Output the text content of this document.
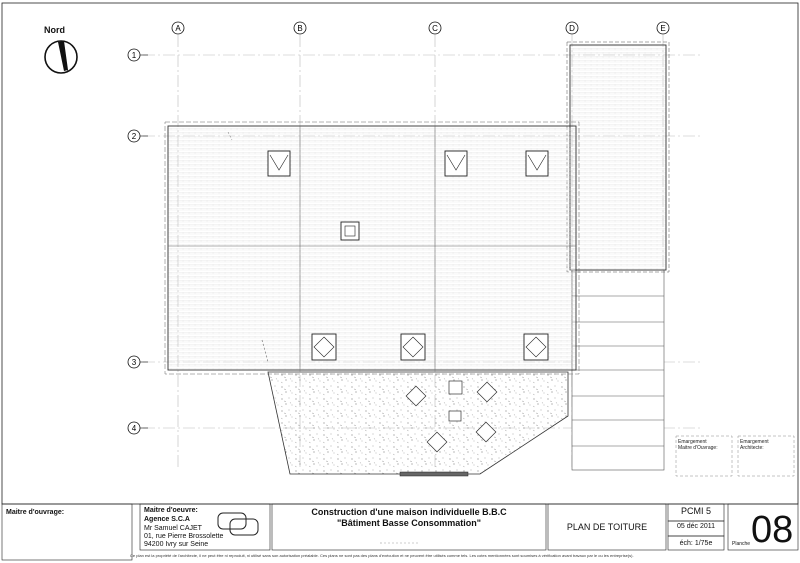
A	B	C	D	E
1
2
3
4
Nord
Emargement
Maitre d'Ouvrage:
Emargement
Architecte:
Maitre d'ouvrage:	Maitre d'oeuvre:
Agence S.C.A
Mr Samuel CAJET
01, rue Pierre Brossolette
94200 Ivry sur Seine
Construction d'une maison individuelle B.B.C
"Bâtiment Basse Consommation"	PLAN DE TOITURE
PCMI 5
05 déc 2011
éch: 1/75e	Planche 08
Ce plan est la propriété de l'architecte, il ne peut être ni reproduit, ni utilisé sans son autorisation préalable. Ces plans ne sont pas des plans d'exécution et ne peuvent être utilisés comme tels. Les cotes mentionnées sont soumises à vérification avant travaux par le ou les entreprise(s).
